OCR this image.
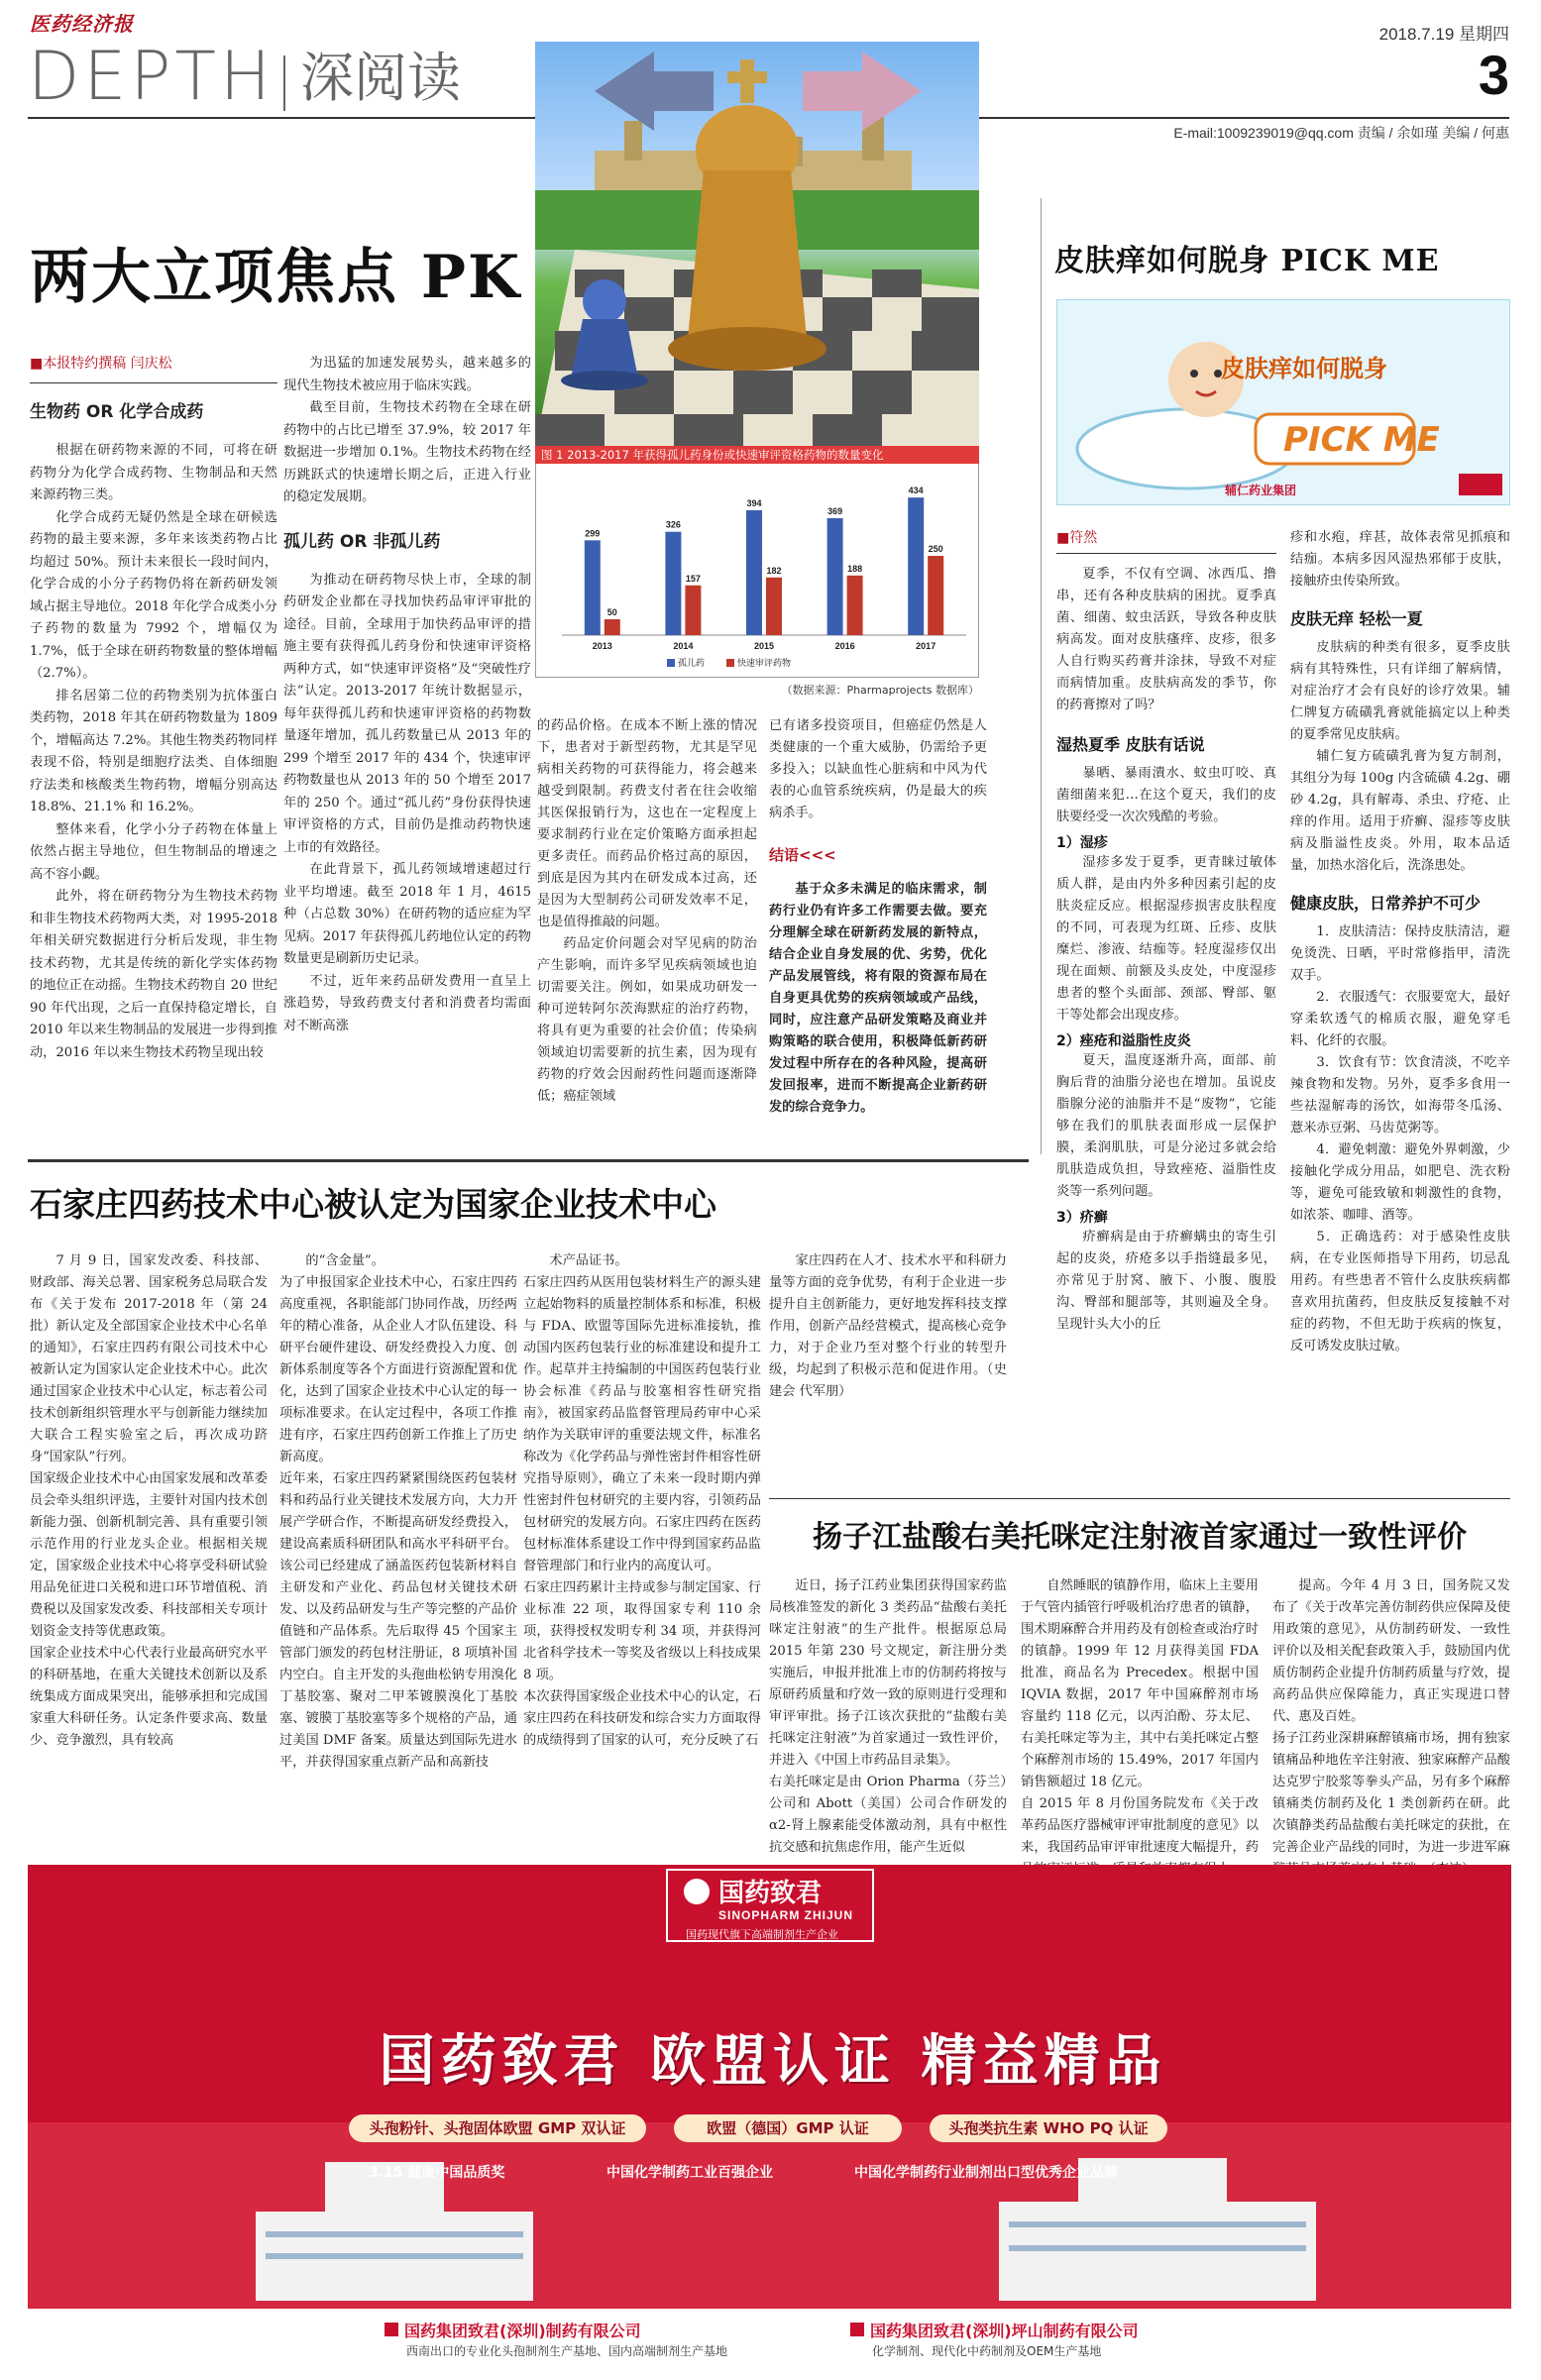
医药经济报
DEPTH 深阅读
2018.7.19 星期四
3
E-mail:1009239019@qq.com 责编 / 余如瑾 美编 / 何惠
两大立项焦点 PK
■本报特约撰稿 闫庆松
生物药 OR 化学合成药
根据在研药物来源的不同，可将在研药物分为化学合成药物、生物制品和天然来源药物三类。
化学合成药无疑仍然是全球在研候选药物的最主要来源，多年来该类药物占比均超过 50%。预计未来很长一段时间内，化学合成的小分子药物仍将在新药研发领域占据主导地位。2018 年化学合成类小分子药物的数量为 7992 个，增幅仅为 1.7%，低于全球在研药物数量的整体增幅（2.7%）。
排名居第二位的药物类别为抗体蛋白类药物，2018 年其在研药物数量为 1809 个，增幅高达 7.2%。其他生物类药物同样表现不俗，特别是细胞疗法类、自体细胞疗法类和核酸类生物药物，增幅分别高达 18.8%、21.1% 和 16.2%。
整体来看，化学小分子药物在体量上依然占据主导地位，但生物制品的增速之高不容小觑。
此外，将在研药物分为生物技术药物和非生物技术药物两大类，对 1995-2018 年相关研究数据进行分析后发现，非生物技术药物，尤其是传统的新化学实体药物的地位正在动摇。生物技术药物自 20 世纪 90 年代出现，之后一直保持稳定增长，自 2010 年以来生物制品的发展进一步得到推动，2016 年以来生物技术药物呈现出较
为迅猛的加速发展势头，越来越多的现代生物技术被应用于临床实践。
截至目前，生物技术药物在全球在研药物中的占比已增至 37.9%，较 2017 年数据进一步增加 0.1%。生物技术药物在经历跳跃式的快速增长期之后，正进入行业的稳定发展期。
孤儿药 OR 非孤儿药
为推动在研药物尽快上市，全球的制药研发企业都在寻找加快药品审评审批的途径。目前，全球用于加快药品审评的措施主要有获得孤儿药身份和快速审评资格两种方式，如“快速审评资格”及“突破性疗法”认定。2013-2017 年统计数据显示，每年获得孤儿药和快速审评资格的药物数量逐年增加，孤儿药数量已从 2013 年的 299 个增至 2017 年的 434 个，快速审评药物数量也从 2013 年的 50 个增至 2017 年的 250 个。通过“孤儿药”身份获得快速审评资格的方式，目前仍是推动药物快速上市的有效路径。
在此背景下，孤儿药领域增速超过行业平均增速。截至 2018 年 1 月，4615 种（占总数 30%）在研药物的适应症为罕见病。2017 年获得孤儿药地位认定的药物数量更是刷新历史记录。
不过，近年来药品研发费用一直呈上涨趋势，导致药费支付者和消费者均需面对不断高涨
299
50
2013
326
157
2014
394
182
2015
369
188
2016
434
250
2017
孤儿药	快速审评药物
图 1 2013-2017 年获得孤儿药身份或快速审评资格药物的数量变化
（数据来源：Pharmaprojects 数据库）
的药品价格。在成本不断上涨的情况下，患者对于新型药物，尤其是罕见病相关药物的可获得能力，将会越来越受到限制。药费支付者在往会收缩其医保报销行为，这也在一定程度上要求制药行业在定价策略方面承担起更多责任。而药品价格过高的原因，到底是因为其内在研发成本过高，还是因为大型制药公司研发效率不足，也是值得推敲的问题。
药品定价问题会对罕见病的防治产生影响，而许多罕见疾病领域也迫切需要关注。例如，如果成功研发一种可逆转阿尔茨海默症的治疗药物，将具有更为重要的社会价值；传染病领域迫切需要新的抗生素，因为现有药物的疗效会因耐药性问题而逐渐降低；癌症领域
已有诸多投资项目，但癌症仍然是人类健康的一个重大威胁，仍需给予更多投入；以缺血性心脏病和中风为代表的心血管系统疾病，仍是最大的疾病杀手。
结语<<<
基于众多未满足的临床需求，制药行业仍有许多工作需要去做。要充分理解全球在研新药发展的新特点，结合企业自身发展的优、劣势，优化产品发展管线，将有限的资源布局在自身更具优势的疾病领域或产品线，同时，应注意产品研发策略及商业并购策略的联合使用，积极降低新药研发过程中所存在的各种风险，提高研发回报率，进而不断提高企业新药研发的综合竞争力。
皮肤痒如何脱身 PICK ME
皮肤痒如何脱身
PICK ME
辅仁药业集团
■符然
夏季，不仅有空调、冰西瓜、撸串，还有各种皮肤病的困扰。夏季真菌、细菌、蚊虫活跃，导致各种皮肤病高发。面对皮肤瘙痒、皮疹，很多人自行购买药膏并涂抹，导致不对症而病情加重。皮肤病高发的季节，你的药膏擦对了吗？
湿热夏季 皮肤有话说
暴晒、暴雨潰水、蚊虫叮咬、真菌细菌来犯…在这个夏天，我们的皮肤要经受一次次残酷的考验。
1）湿疹
湿疹多发于夏季，更青睐过敏体质人群，是由内外多种因素引起的皮肤炎症反应。根据湿疹损害皮肤程度的不同，可表现为红斑、丘疹、皮肤糜烂、渗液、结痂等。轻度湿疹仅出现在面颊、前额及头皮处，中度湿疹患者的整个头面部、颈部、臀部、躯干等处都会出现皮疹。
2）痤疮和溢脂性皮炎
夏天，温度逐渐升高，面部、前胸后背的油脂分泌也在增加。虽说皮脂腺分泌的油脂并不是“废物”，它能够在我们的肌肤表面形成一层保护膜，柔润肌肤，可是分泌过多就会给肌肤造成负担，导致痤疮、溢脂性皮炎等一系列问题。
3）疥癣
疥癣病是由于疥癣螨虫的寄生引起的皮炎，疥疮多以手指缝最多见，亦常见于肘窝、腋下、小腹、腹股沟、臀部和腿部等，其则遍及全身。呈现针头大小的丘
疹和水疱，痒甚，故体表常见抓痕和结痂。本病多因风湿热邪郁于皮肤，接触疥虫传染所致。
皮肤无痒 轻松一夏
皮肤病的种类有很多，夏季皮肤病有其特殊性，只有详细了解病情，对症治疗才会有良好的诊疗效果。辅仁牌复方硫磺乳膏就能搞定以上种类的夏季常见皮肤病。
辅仁复方硫磺乳膏为复方制剂，其组分为每 100g 内含硫磺 4.2g、硼砂 4.2g，具有解毒、杀虫、疗疮、止痒的作用。适用于疥癣、湿疹等皮肤病及脂溢性皮炎。外用，取本品适量，加热水溶化后，洗涤患处。
健康皮肤，日常养护不可少
1．皮肤清洁：保持皮肤清洁，避免烫洗、日晒，平时常修指甲，清洗双手。
2．衣服透气：衣服要宽大，最好穿柔软透气的棉质衣服，避免穿毛料、化纤的衣服。
3．饮食有节：饮食清淡，不吃辛辣食物和发物。另外，夏季多食用一些祛湿解毒的汤饮，如海带冬瓜汤、薏米赤豆粥、马齿苋粥等。
4．避免刺激：避免外界刺激，少接触化学成分用品，如肥皂、洗衣粉等，避免可能致敏和刺激性的食物，如浓茶、咖啡、酒等。
5．正确选药：对于感染性皮肤病，在专业医师指导下用药，切忌乱用药。有些患者不管什么皮肤疾病都喜欢用抗菌药，但皮肤反复接触不对症的药物，不但无助于疾病的恢复，反可诱发皮肤过敏。
石家庄四药技术中心被认定为国家企业技术中心
7 月 9 日，国家发改委、科技部、财政部、海关总署、国家税务总局联合发布《关于发布 2017-2018 年（第 24 批）新认定及全部国家企业技术中心名单的通知》，石家庄四药有限公司技术中心被新认定为国家认定企业技术中心。此次通过国家企业技术中心认定，标志着公司技术创新组织管理水平与创新能力继续加大联合工程实验室之后，再次成功跻身“国家队”行列。
国家级企业技术中心由国家发展和改革委员会牵头组织评选，主要针对国内技术创新能力强、创新机制完善、具有重要引领示范作用的行业龙头企业。根据相关规定，国家级企业技术中心将享受科研试验用品免征进口关税和进口环节增值税、消费税以及国家发改委、科技部相关专项计划资金支持等优惠政策。
国家企业技术中心代表行业最高研究水平的科研基地，在重大关键技术创新以及系统集成方面成果突出，能够承担和完成国家重大科研任务。认定条件要求高、数量少、竞争激烈，具有较高
的“含金量”。
为了申报国家企业技术中心，石家庄四药高度重视，各职能部门协同作战，历经两年的精心准备，从企业人才队伍建设、科研平台硬件建设、研发经费投入力度、创新体系制度等各个方面进行资源配置和优化，达到了国家企业技术中心认定的每一项标准要求。在认定过程中，各项工作推进有序，石家庄四药创新工作推上了历史新高度。
近年来，石家庄四药紧紧围绕医药包装材料和药品行业关键技术发展方向，大力开展产学研合作，不断提高研发经费投入，建设高素质科研团队和高水平科研平台。该公司已经建成了涵盖医药包装新材料自主研发和产业化、药品包材关键技术研发、以及药品研发与生产等完整的产品价值链和产品体系。先后取得 45 个国家主管部门颁发的药包材注册证，8 项填补国内空白。自主开发的头孢曲松钠专用溴化丁基胶塞、聚对二甲苯镀膜溴化丁基胶塞、镀膜丁基胶塞等多个规格的产品，通过美国 DMF 备案。质量达到国际先进水平，并获得国家重点新产品和高新技
术产品证书。
石家庄四药从医用包装材料生产的源头建立起始物料的质量控制体系和标准，积极与 FDA、欧盟等国际先进标准接轨，推动国内医药包装行业的标准建设和提升工作。起草并主持编制的中国医药包装行业协会标准《药品与胶塞相容性研究指南》，被国家药品监督管理局药审中心采纳作为关联审评的重要法规文件，标准名称改为《化学药品与弹性密封件相容性研究指导原则》，确立了未来一段时期内弹性密封件包材研究的主要内容，引领药品包材研究的发展方向。石家庄四药在医药包材标准体系建设工作中得到国家药品监督管理部门和行业内的高度认可。
石家庄四药累计主持或参与制定国家、行业标准 22 项，取得国家专利 110 余项，获得授权发明专利 34 项，并获得河北省科学技术一等奖及省级以上科技成果 8 项。
本次获得国家级企业技术中心的认定，石家庄四药在科技研发和综合实力方面取得的成绩得到了国家的认可，充分反映了石
家庄四药在人才、技术水平和科研力量等方面的竞争优势，有利于企业进一步提升自主创新能力，更好地发挥科技支撑作用，创新产品经营模式，提高核心竞争力，对于企业乃至对整个行业的转型升级，均起到了积极示范和促进作用。（史建会 代军朋）
扬子江盐酸右美托咪定注射液首家通过一致性评价
近日，扬子江药业集团获得国家药监局核准签发的新化 3 类药品“盐酸右美托咪定注射液”的生产批件。根据原总局 2015 年第 230 号文规定，新注册分类实施后，申报并批准上市的仿制药将按与原研药质量和疗效一致的原则进行受理和审评审批。扬子江该次获批的“盐酸右美托咪定注射液”为首家通过一致性评价，并进入《中国上市药品目录集》。
右美托咪定是由 Orion Pharma（芬兰）公司和 Abott（美国）公司合作研发的 α2-肾上腺素能受体激动剂，具有中枢性抗交感和抗焦虑作用，能产生近似
自然睡眠的镇静作用，临床上主要用于气管内插管行呼吸机治疗患者的镇静，围术期麻醉合并用药及有创检查或治疗时的镇静。1999 年 12 月获得美国 FDA 批准，商品名为 Precedex。根据中国 IQVIA 数据，2017 年中国麻醉剂市场容量约 118 亿元，以丙泊酚、芬太尼、右美托咪定等为主，其中右美托咪定占整个麻醉剂市场的 15.49%，2017 年国内销售额超过 18 亿元。
自 2015 年 8 月份国务院发布《关于改革药品医疗器械审评审批制度的意见》以来，我国药品审评审批速度大幅提升，药
提高。今年 4 月 3 日，国务院又发布了《关于改革完善仿制药供应保障及使用政策的意见》，从仿制药研发、一致性评价以及相关配套政策入手，鼓励国内优质仿制药企业提升仿制药质量与疗效，提高药品供应保障能力，真正实现进口替代、惠及百姓。
扬子江药业深耕麻醉镇痛市场，拥有独家镇痛品种地佐辛注射液、独家麻醉产品酸达克罗宁胶浆等拳头产品，另有多个麻醉镇痛类仿制药及化 1 类创新药在研。此次镇静类药品盐酸右美托咪定的获批，在完善企业产品线的同时，为进一步进军麻
国药致君
SINOPHARM ZHIJUN
国药现代旗下高端制剂生产企业
国药致君 欧盟认证 精益精品
头孢粉针、头孢固体欧盟 GMP 双认证	欧盟（德国）GMP 认证	头孢类抗生素 WHO PQ 认证
3.15 健康中国品质奖	中国化学制药工业百强企业	中国化学制药行业制剂出口型优秀企业品牌
国药集团致君(深圳)制药有限公司
西南出口的专业化头孢制剂生产基地、国内高端制剂生产基地
国药集团致君(深圳)坪山制药有限公司
化学制剂、现代化中药制剂及OEM生产基地
